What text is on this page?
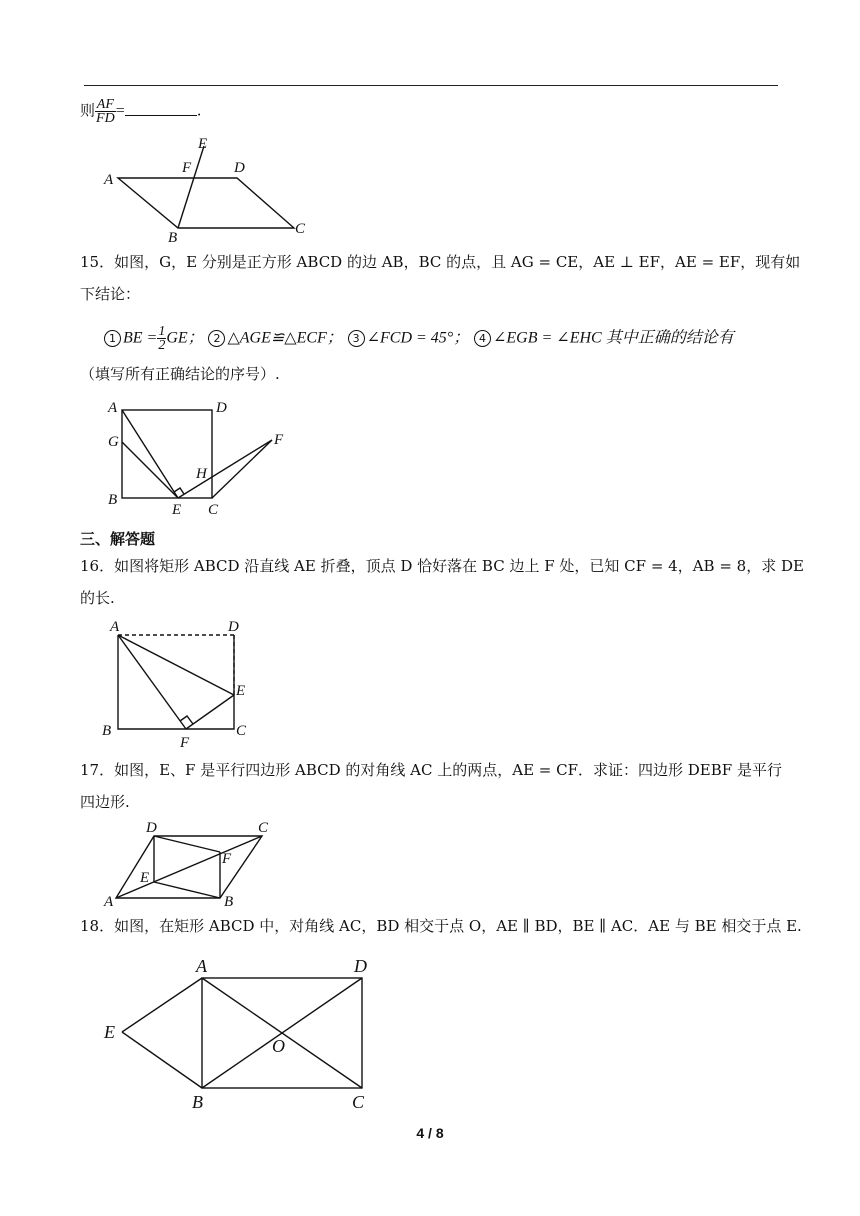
则 $\frac{AF}{FD}$ =	.
A
B
C
D
E
F
15．如图，G，E 分别是正方形 ABCD 的边 AB，BC 的点，且 AG = CE，AE ⊥ EF，AE = EF，现有如
下结论：
1 BE = $\frac{1}{2}$ GE； 2 △AGE≌△ECF； 3 ∠FCD = 45°； 4 ∠EGB = ∠EHC 其中正确的结论有
（填写所有正确结论的序号）.
A	D
G
B
E C
F
H
三、解答题
16．如图将矩形 ABCD 沿直线 AE 折叠，顶点 D 恰好落在 BC 边上 F 处，已知 CF = 4，AB = 8，求 DE
的长.
A	D
E
B	C
F
17．如图，E、F 是平行四边形 ABCD 的对角线 AC 上的两点，AE = CF．求证：四边形 DEBF 是平行
四边形.
D	C
F
E
A	B
18．如图，在矩形 ABCD 中，对角线 AC，BD 相交于点 O，AE ∥ BD，BE ∥ AC．AE 与 BE 相交于点 E.
A	D
E
O
B	C
4 / 8
